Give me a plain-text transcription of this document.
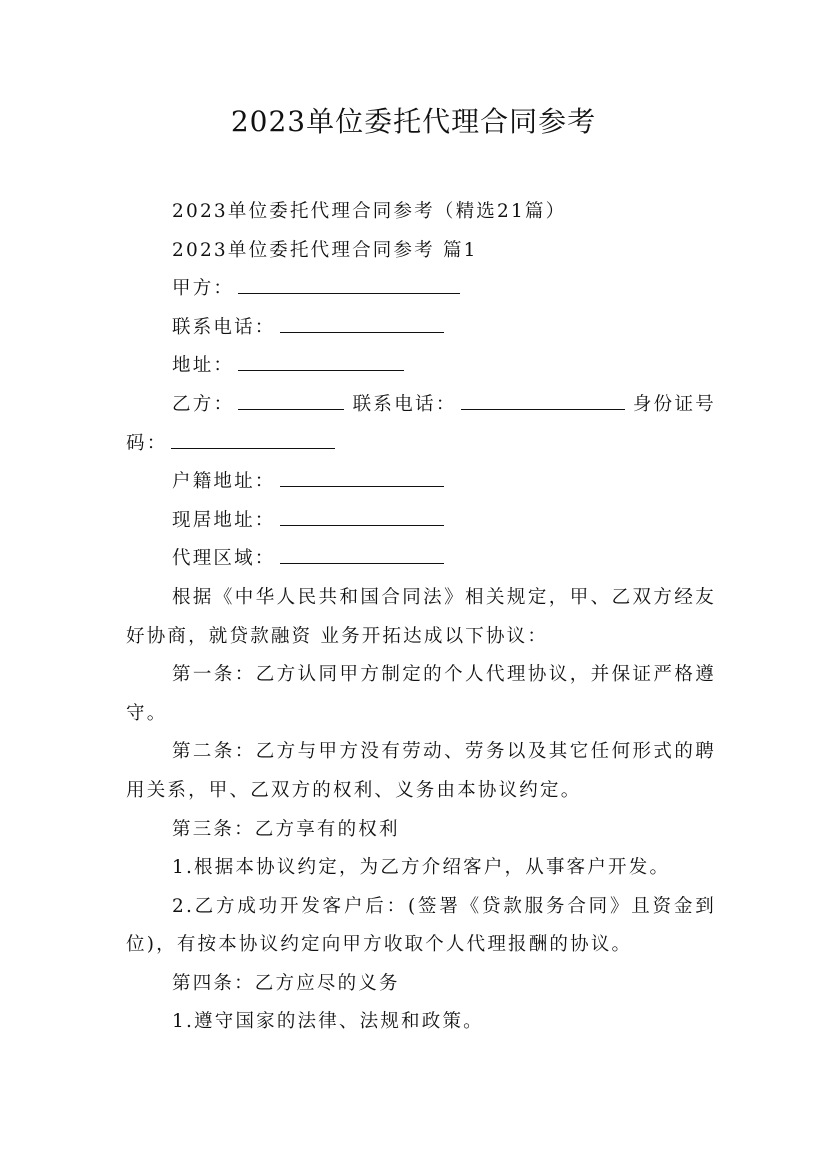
2023单位委托代理合同参考

2023单位委托代理合同参考（精选21篇）

2023单位委托代理合同参考 篇1

甲方：

联系电话：

地址：

乙方：	联系电话：	身份证号码：

户籍地址：

现居地址：

代理区域：

根据《中华人民共和国合同法》相关规定，甲、乙双方经友好协商，就贷款融资 业务开拓达成以下协议：

第一条：乙方认同甲方制定的个人代理协议，并保证严格遵守。

第二条：乙方与甲方没有劳动、劳务以及其它任何形式的聘用关系，甲、乙双方的权利、义务由本协议约定。

第三条：乙方享有的权利

1.根据本协议约定，为乙方介绍客户，从事客户开发。

2.乙方成功开发客户后：(签署《贷款服务合同》且资金到位)，有按本协议约定向甲方收取个人代理报酬的协议。

第四条：乙方应尽的义务

1.遵守国家的法律、法规和政策。
